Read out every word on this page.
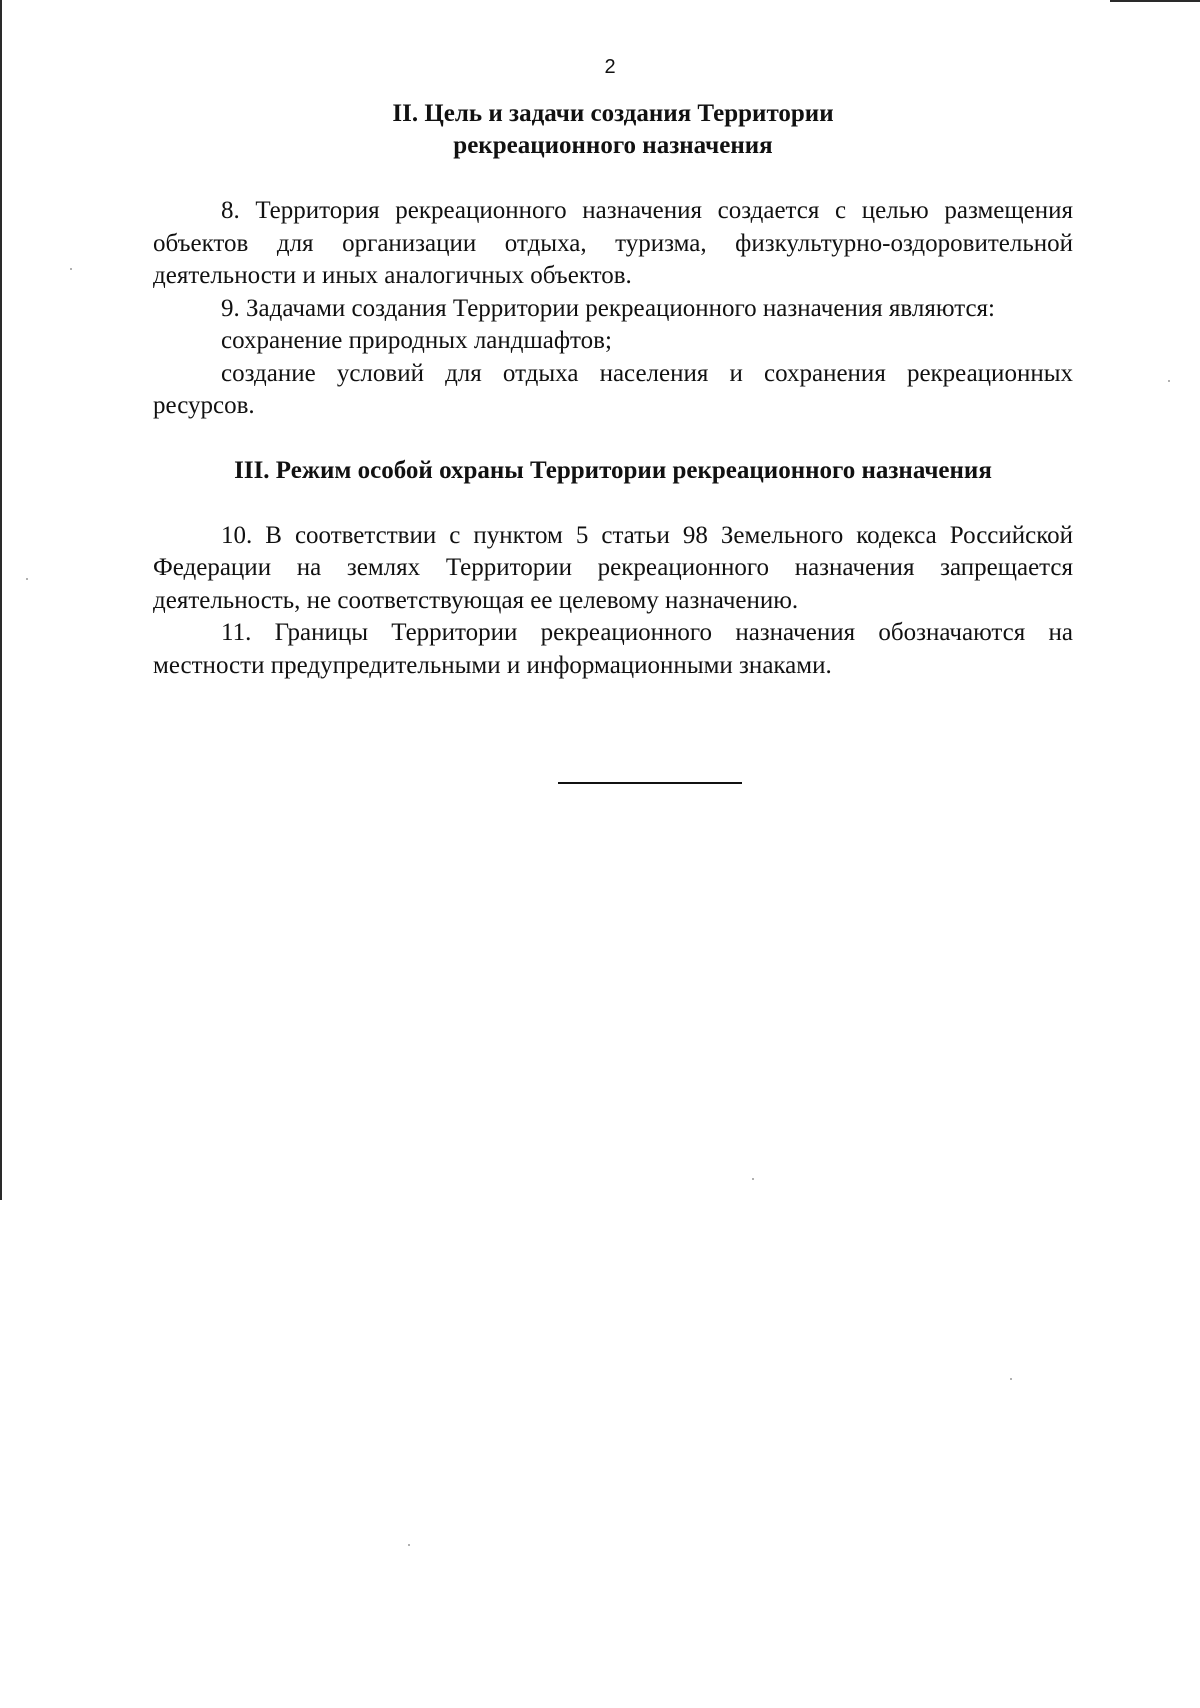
2
II. Цель и задачи создания Территории
рекреационного назначения

8. Территория рекреационного назначения создается с целью размещения объектов для организации отдыха, туризма, физкультурно-оздоровительной деятельности и иных аналогичных объектов.

9. Задачами создания Территории рекреационного назначения являются:

сохранение природных ландшафтов;

создание условий для отдыха населения и сохранения рекреационных ресурсов.

III. Режим особой охраны Территории рекреационного назначения

10. В соответствии с пунктом 5 статьи 98 Земельного кодекса Российской Федерации на землях Территории рекреационного назначения запрещается деятельность, не соответствующая ее целевому назначению.

11. Границы Территории рекреационного назначения обозначаются на местности предупредительными и информационными знаками.
